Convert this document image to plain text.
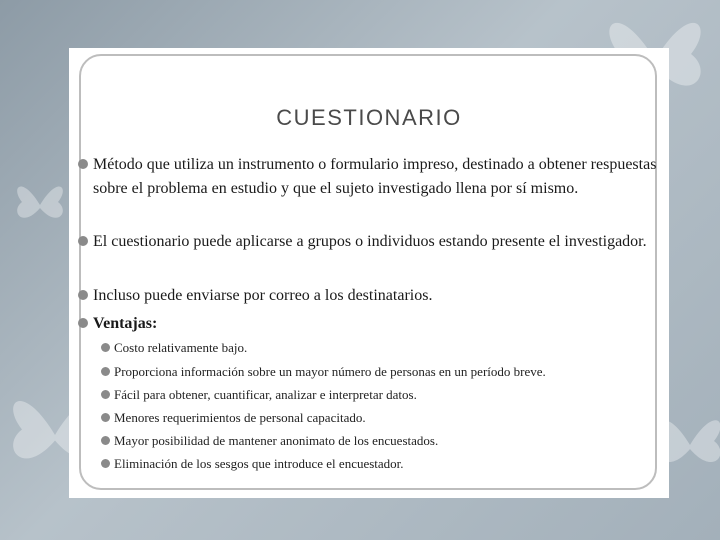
CUESTIONARIO
Método que utiliza un instrumento o formulario impreso, destinado a obtener respuestas sobre el problema en estudio y que el sujeto investigado llena por sí mismo.
El cuestionario puede aplicarse a grupos o individuos estando presente el investigador.
Incluso puede enviarse por correo a los destinatarios.
Ventajas:
Costo relativamente bajo.
Proporciona información sobre un mayor número de personas en un período breve.
Fácil para obtener, cuantificar, analizar e interpretar datos.
Menores requerimientos de personal capacitado.
Mayor posibilidad de mantener anonimato de los encuestados.
Eliminación de los sesgos que introduce el encuestador.
